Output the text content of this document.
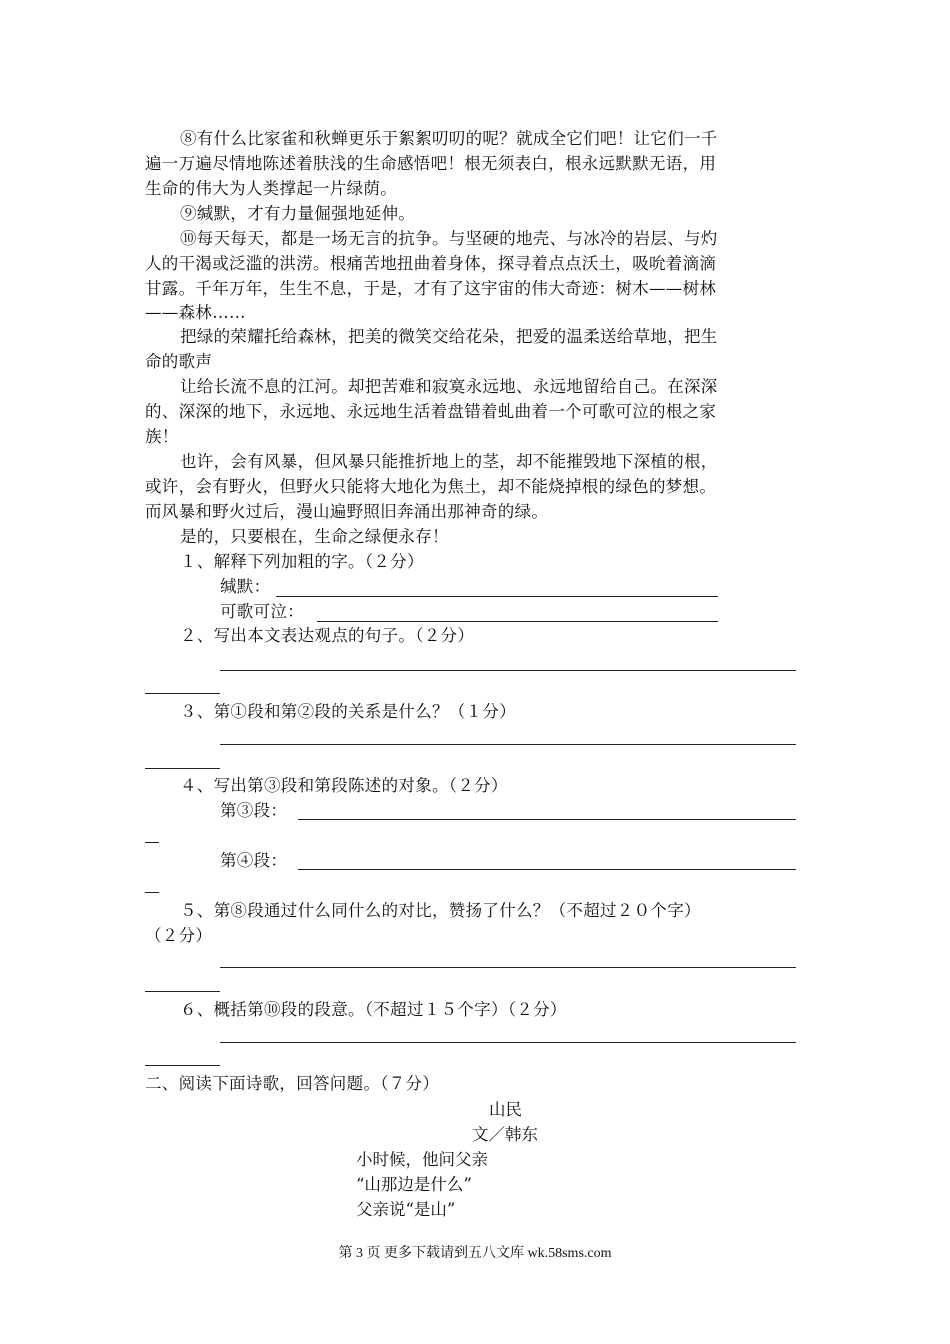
⑧有什么比家雀和秋蝉更乐于絮絮叨叨的呢？就成全它们吧！让它们一千
遍一万遍尽情地陈述着肤浅的生命感悟吧！根无须表白，根永远默默无语，用
生命的伟大为人类撑起一片绿荫。
⑨缄默，才有力量倔强地延伸。
⑩每天每天，都是一场无言的抗争。与坚硬的地壳、与冰冷的岩层、与灼
人的干渴或泛滥的洪涝。根痛苦地扭曲着身体，探寻着点点沃土，吸吮着滴滴
甘露。千年万年，生生不息，于是，才有了这宇宙的伟大奇迹：树木——树林
——森林……
把绿的荣耀托给森林，把美的微笑交给花朵，把爱的温柔送给草地，把生
命的歌声
让给长流不息的江河。却把苦难和寂寞永远地、永远地留给自己。在深深
的、深深的地下，永远地、永远地生活着盘错着虬曲着一个可歌可泣的根之家
族！
也许，会有风暴，但风暴只能推折地上的茎，却不能摧毁地下深植的根，
或许，会有野火，但野火只能将大地化为焦土，却不能烧掉根的绿色的梦想。
而风暴和野火过后，漫山遍野照旧奔涌出那神奇的绿。
是的，只要根在，生命之绿便永存！
１、解释下列加粗的字。（２分）
缄默：
可歌可泣：
２、写出本文表达观点的句子。（２分）
３、第①段和第②段的关系是什么？（１分）
４、写出第③段和第段陈述的对象。（２分）
第③段：
第④段：
５、第⑧段通过什么同什么的对比，赞扬了什么？（不超过２０个字）
（２分）
６、概括第⑩段的段意。（不超过１５个字）（２分）
二、阅读下面诗歌，回答问题。（７分）
山民
文／韩东
小时候，他问父亲
“山那边是什么”
父亲说“是山”
第 3 页 更多下载请到五八文库 wk.58sms.com
